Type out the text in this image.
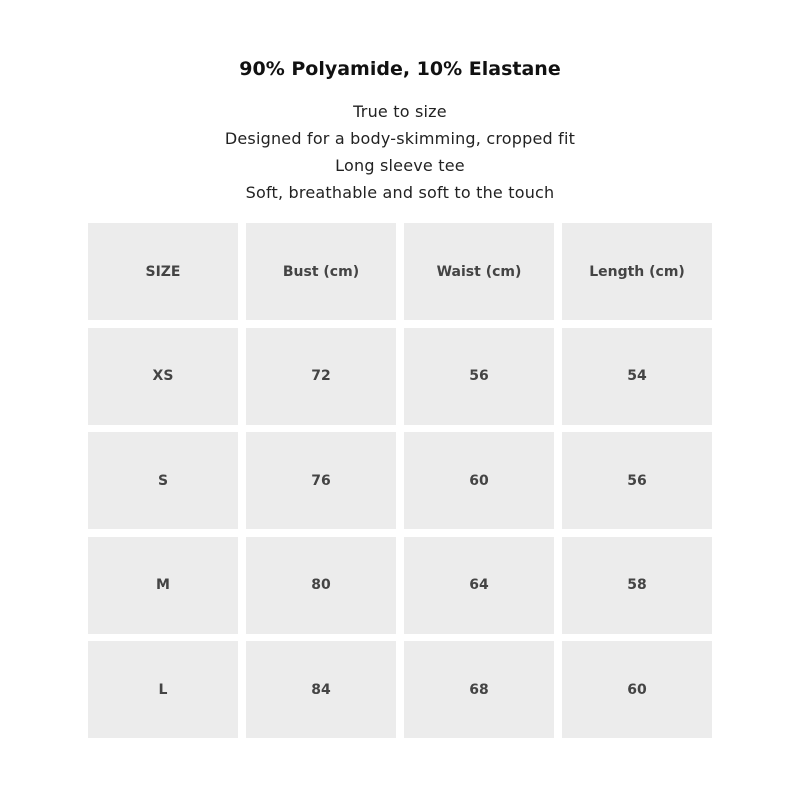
90% Polyamide, 10% Elastane
True to size
Designed for a body-skimming, cropped fit
Long sleeve tee
Soft, breathable and soft to the touch
SIZE	Bust (cm)	Waist (cm)	Length (cm)
XS	72	56	54
S	76	60	56
M	80	64	58
L	84	68	60
